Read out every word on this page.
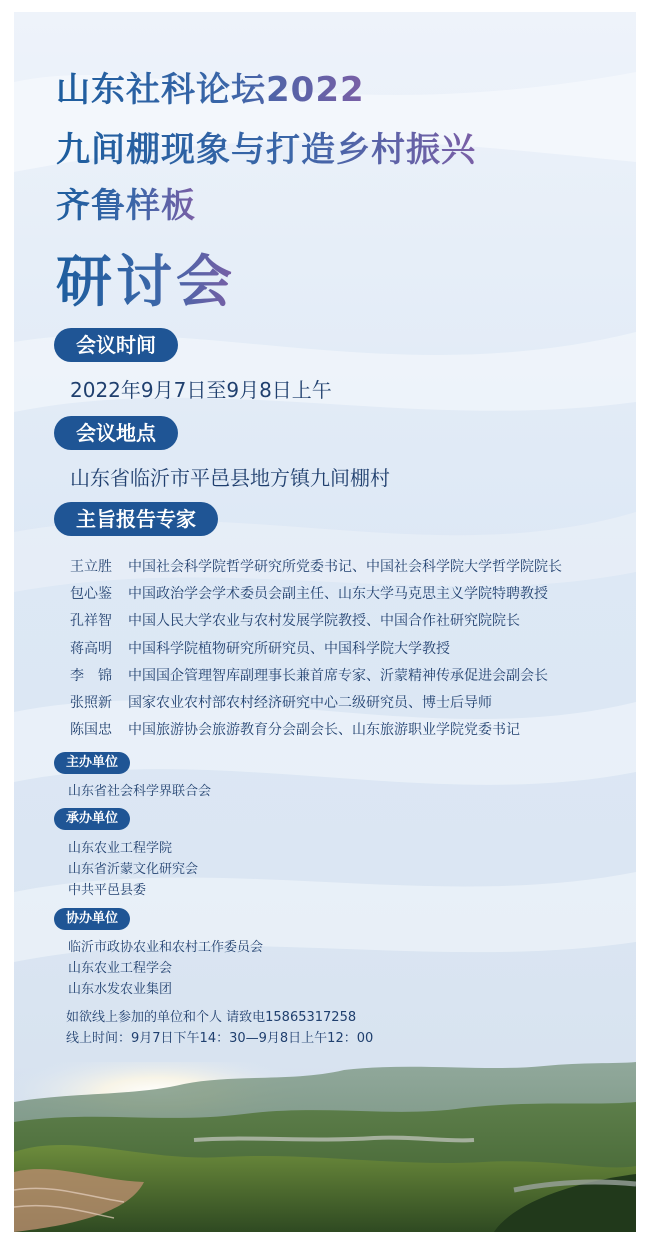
山东社科论坛2022
九间棚现象与打造乡村振兴
齐鲁样板
研讨会
会议时间
2022年9月7日至9月8日上午
会议地点
山东省临沂市平邑县地方镇九间棚村
主旨报告专家
王立胜 中国社会科学院哲学研究所党委书记、中国社会科学院大学哲学院院长
包心鉴 中国政治学会学术委员会副主任、山东大学马克思主义学院特聘教授
孔祥智 中国人民大学农业与农村发展学院教授、中国合作社研究院院长
蒋高明 中国科学院植物研究所研究员、中国科学院大学教授
李　锦 中国国企管理智库副理事长兼首席专家、沂蒙精神传承促进会副会长
张照新 国家农业农村部农村经济研究中心二级研究员、博士后导师
陈国忠 中国旅游协会旅游教育分会副会长、山东旅游职业学院党委书记
主办单位
山东省社会科学界联合会
承办单位
山东农业工程学院
山东省沂蒙文化研究会
中共平邑县委
协办单位
临沂市政协农业和农村工作委员会
山东农业工程学会
山东水发农业集团
如欲线上参加的单位和个人 请致电15865317258
线上时间：9月7日下午14：30—9月8日上午12：00
